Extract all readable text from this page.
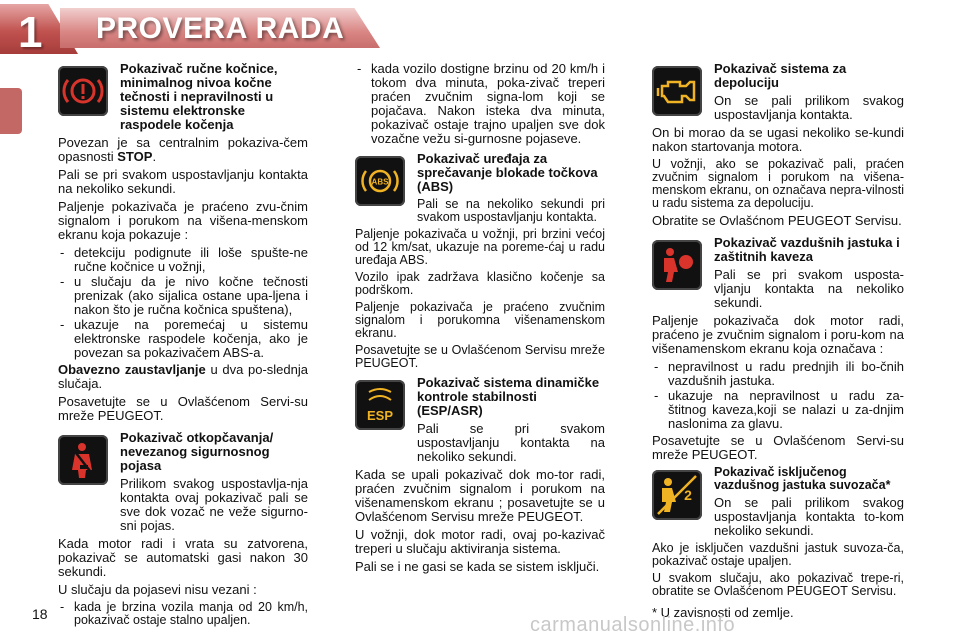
1 PROVERA RADA
Pokazivač ručne kočnice, minimalnog nivoa kočne tečnosti i nepravilnosti u sistemu elektronske raspodele kočenja

Povezan je sa centralnim pokaziva-čem opasnosti STOP.

Pali se pri svakom uspostavljanju kontakta na nekoliko sekundi.

Paljenje pokazivača je praćeno zvu-čnim signalom i porukom na višena-menskom ekranu koja pokazuje :

- detekciju podignute ili loše spušte-ne ručne kočnice u vožnji,
- u slučaju da je nivo kočne tečnosti prenizak (ako sijalica ostane upa-ljena i nakon što je ručna kočnica spuštena),
- ukazuje na poremećaj u sistemu elektronske raspodele kočenja, ako je povezan sa pokazivačem ABS-a.

Obavezno zaustavljanje u dva po-slednja slučaja.

Posavetujte se u Ovlašćenom Servi-su mreže PEUGEOT.

Pokazivač otkopčavanja/ nevezanog sigurnosnog pojasa

Prilikom svakog uspostavlja-nja kontakta ovaj pokazivač pali se sve dok vozač ne veže sigurno-sni pojas.

Kada motor radi i vrata su zatvorena, pokazivač se automatski gasi nakon 30 sekundi.

U slučaju da pojasevi nisu vezani :

- kada je brzina vozila manja od 20 km/h, pokazivač ostaje stalno upaljen.
- kada vozilo dostigne brzinu od 20 km/h i tokom dva minuta, poka-zivač treperi praćen zvučnim signa-lom koji se pojačava. Nakon isteka dva minuta, pokazivač ostaje trajno upaljen sve dok vozačne vežu si-gurnosne pojaseve.
ABS
Pokazivač uređaja za sprečavanje blokade točkova (ABS)

Pali se na nekoliko sekundi pri svakom uspostavljanju kontakta.

Paljenje pokazivača u vožnji, pri brzini većoj od 12 km/sat, ukazuje na poreme-ćaj u radu uređaja ABS.

Vozilo ipak zadržava klasično kočenje sa podrškom.

Paljenje pokazivača je praćeno zvučnim signalom i porukomna višenamenskom ekranu.

Posavetujte se u Ovlašćenom Servisu mreže PEUGEOT.

ESP
Pokazivač sistema dinamičke kontrole stabilnosti (ESP/ASR)

Pali se pri svakom uspostavljanju kontakta na nekoliko sekundi.

Kada se upali pokazivač dok mo-tor radi, praćen zvučnim signalom i porukom na višenamenskom ekranu ; posavetujte se u Ovlašćenom Servisu mreže PEUGEOT.

U vožnji, dok motor radi, ovaj po-kazivač treperi u slučaju aktiviranja sistema.

Pali se i ne gasi se kada se sistem isključi.

Pokazivač sistema za depoluciju

On se pali prilikom svakog uspostavljanja kontakta.

On bi morao da se ugasi nekoliko se-kundi nakon startovanja motora.

U vožnji, ako se pokazivač pali, praćen zvučnim signalom i porukom na višena-menskom ekranu, on označava nepra-vilnosti u radu sistema za depoluciju.

Obratite se Ovlašćnom PEUGEOT Servisu.

Pokazivač vazdušnih jastuka i zaštitnih kaveza

Pali se pri svakom usposta-vljanju kontakta na nekoliko sekundi.

Paljenje pokazivača dok motor radi, praćeno je zvučnim signalom i poru-kom na višenamenskom ekranu koja označava :

- nepravilnost u radu prednjih ili bo-čnih vazdušnih jastuka.
- ukazuje na nepravilnost u radu za-štitnog kaveza,koji se nalazi u za-dnjim naslonima za glavu.

Posavetujte se u Ovlašćenom Servi-su mreže PEUGEOT.

2
Pokazivač isključenog vazdušnog jastuka suvozača*

On se pali prilikom svakog uspostavljanja kontakta to-kom nekoliko sekundi.

Ako je isključen vazdušni jastuk suvoza-ča, pokazivač ostaje upaljen.

U svakom slučaju, ako pokazivač trepe-ri, obratite se Ovlašćenom PEUGEOT Servisu.

* U zavisnosti od zemlje.

18	carmanualsonline.info
